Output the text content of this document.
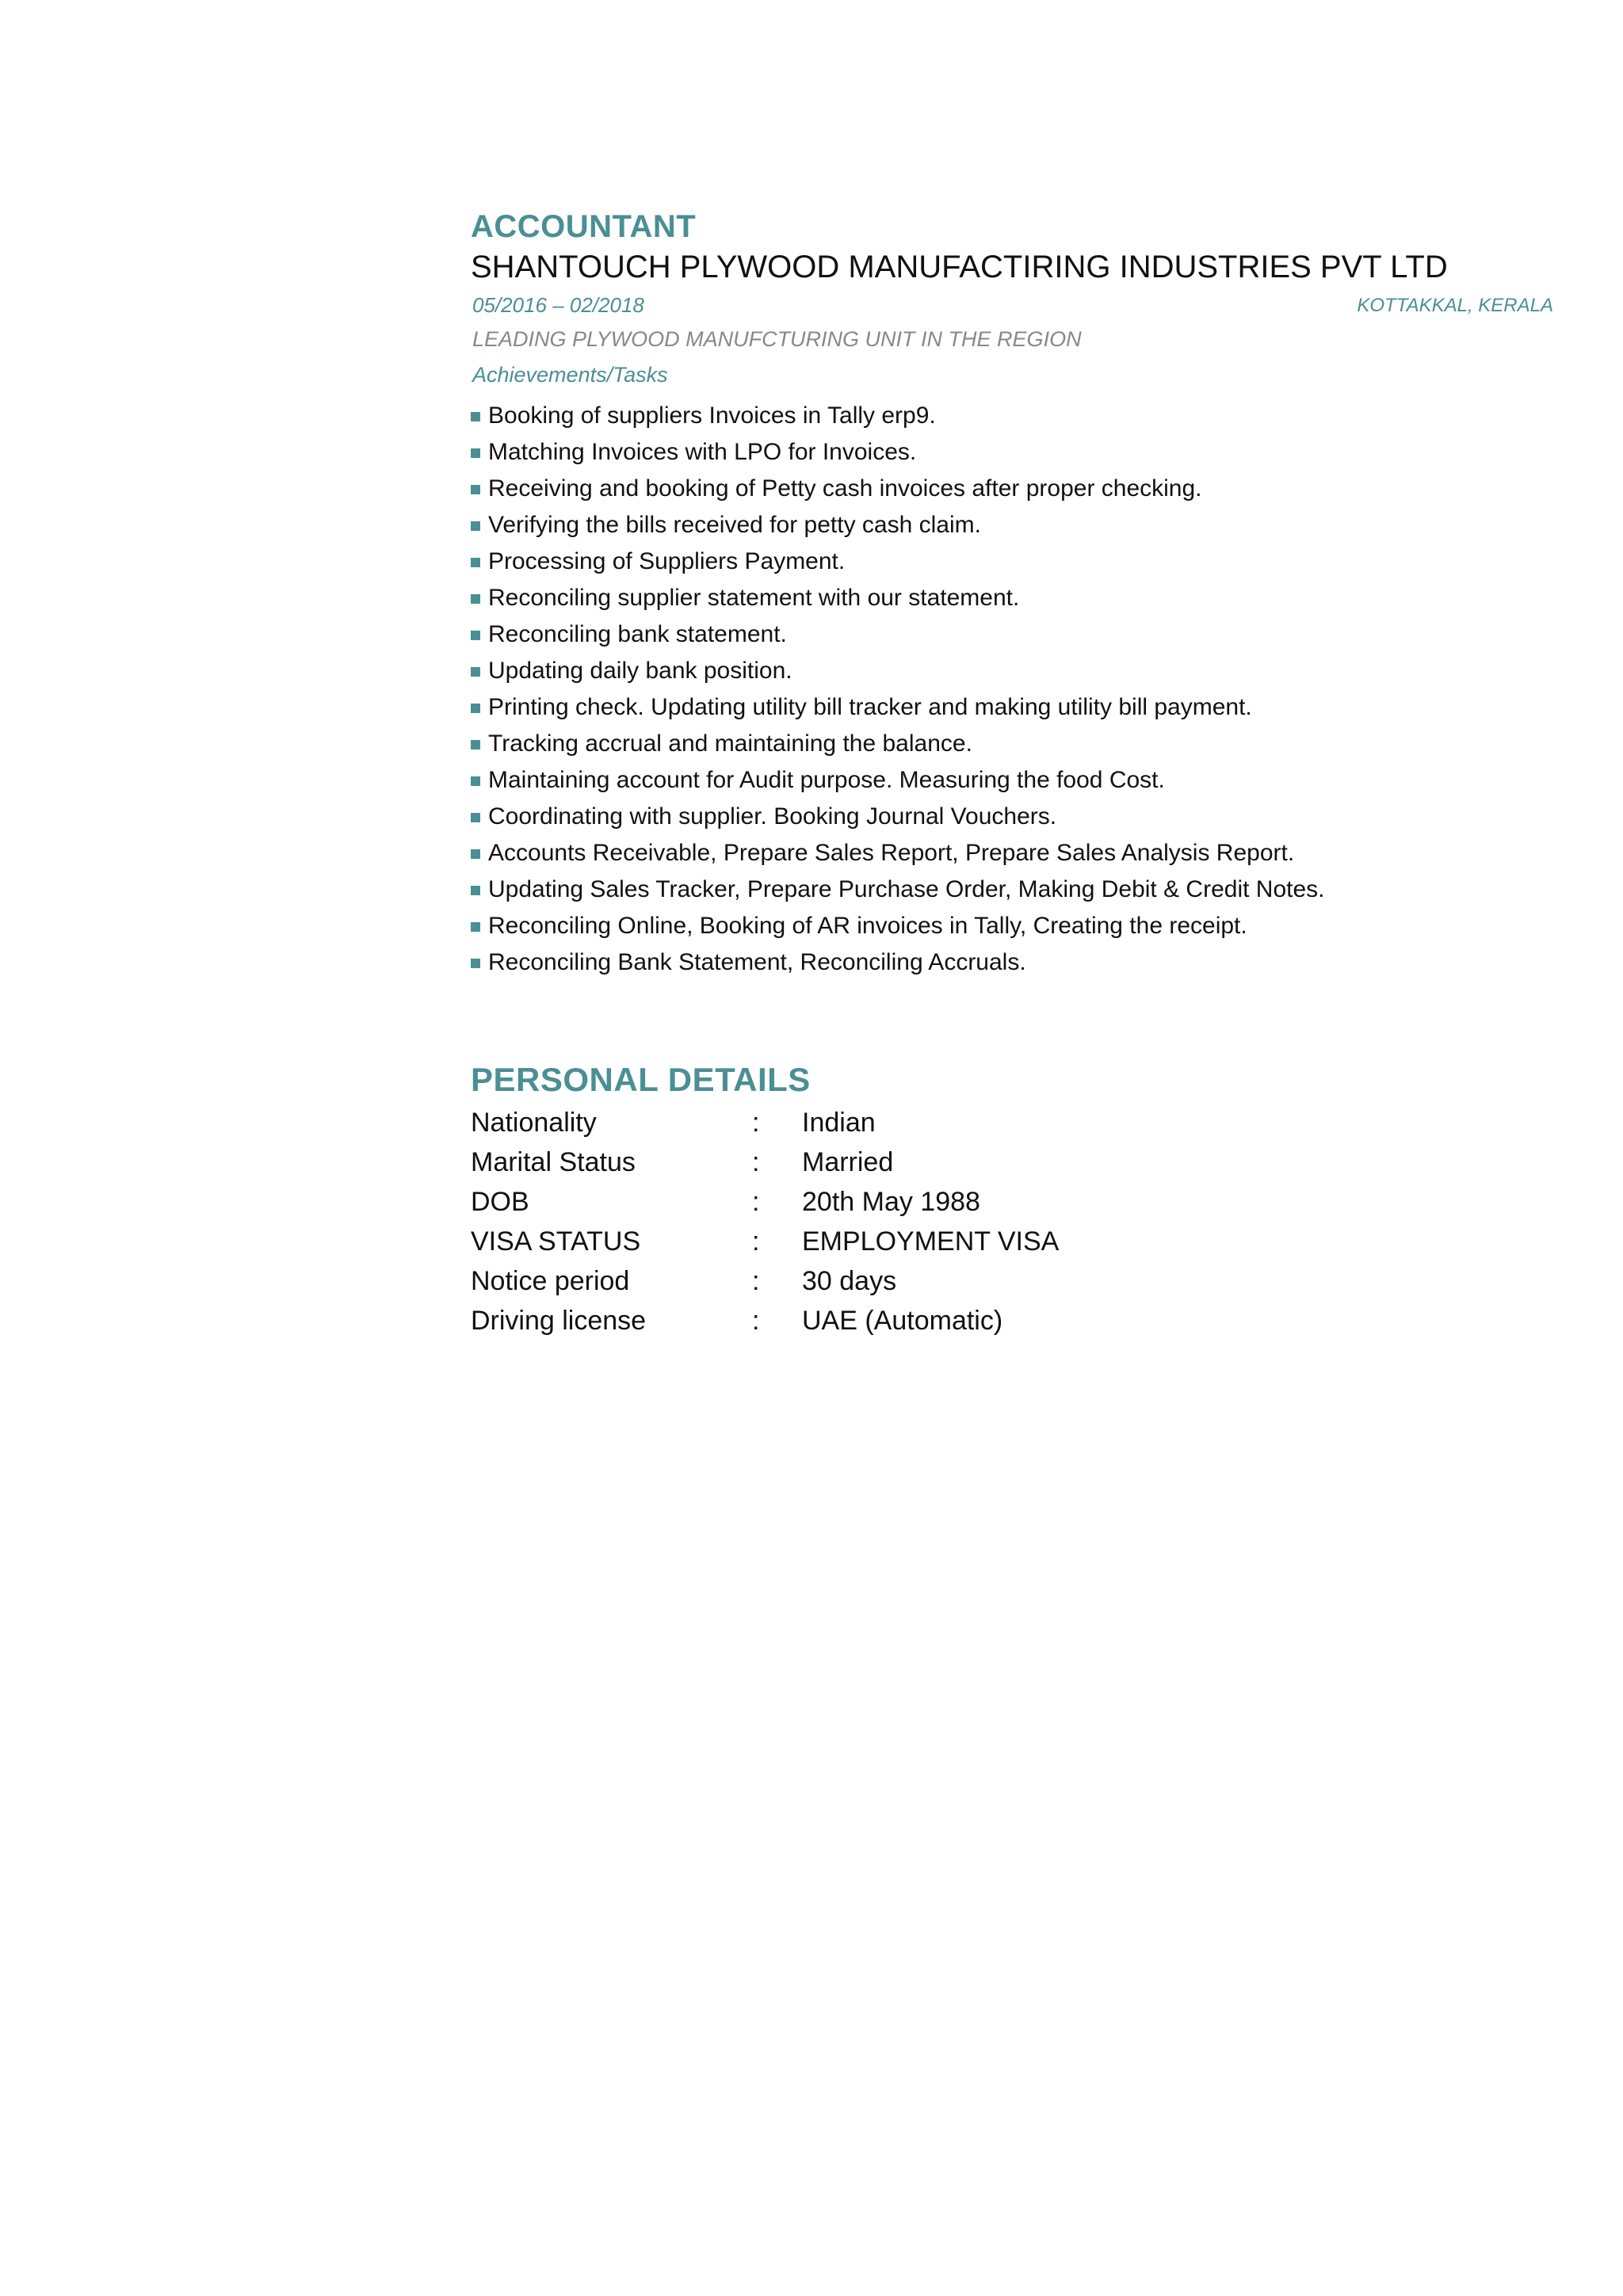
ACCOUNTANT
SHANTOUCH PLYWOOD MANUFACTIRING INDUSTRIES PVT LTD
05/2016 – 02/2018	KOTTAKKAL, KERALA
LEADING PLYWOOD MANUFCTURING UNIT IN THE REGION
Achievements/Tasks
Booking of suppliers Invoices in Tally erp9.
Matching Invoices with LPO for Invoices.
Receiving and booking of Petty cash invoices after proper checking.
Verifying the bills received for petty cash claim.
Processing of Suppliers Payment.
Reconciling supplier statement with our statement.
Reconciling bank statement.
Updating daily bank position.
Printing check. Updating utility bill tracker and making utility bill payment.
Tracking accrual and maintaining the balance.
Maintaining account for Audit purpose. Measuring the food Cost.
Coordinating with supplier. Booking Journal Vouchers.
Accounts Receivable, Prepare Sales Report, Prepare Sales Analysis Report.
Updating Sales Tracker, Prepare Purchase Order, Making Debit & Credit Notes.
Reconciling Online, Booking of AR invoices in Tally, Creating the receipt.
Reconciling Bank Statement, Reconciling Accruals.
PERSONAL DETAILS
Nationality	: Indian
Marital Status	: Married
DOB	: 20th May 1988
VISA STATUS	: EMPLOYMENT VISA
Notice period	: 30 days
Driving license	: UAE (Automatic)
